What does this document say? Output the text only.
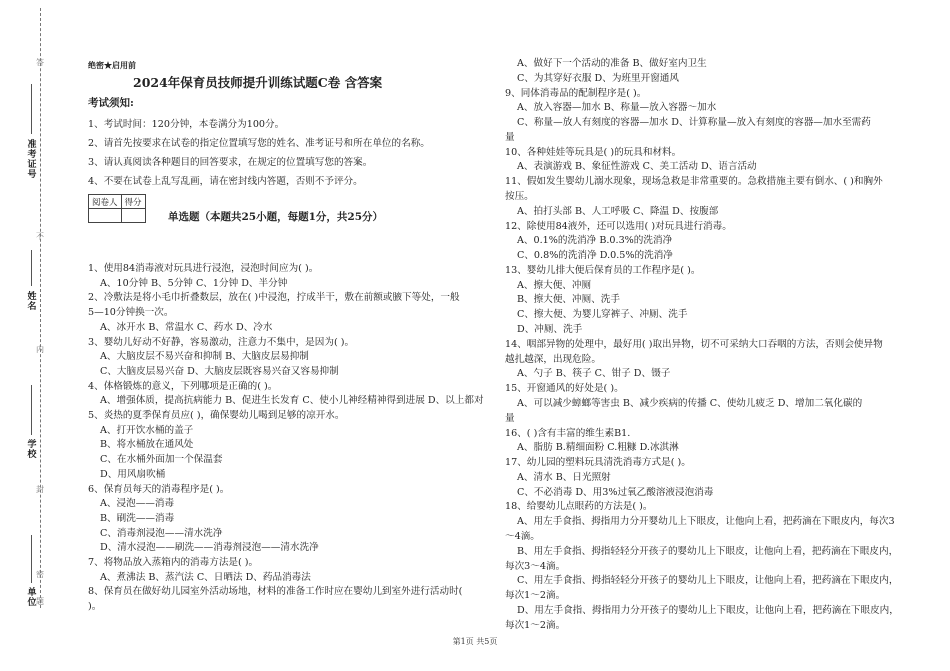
答
不
内
封
密
题
准考证号
姓名
学校
单位
绝密★启用前
2024年保育员技师提升训练试题C卷 含答案
考试须知:
1、考试时间：120分钟，本卷满分为100分。
2、请首先按要求在试卷的指定位置填写您的姓名、准考证号和所在单位的名称。
3、请认真阅读各种题目的回答要求，在规定的位置填写您的答案。
4、不要在试卷上乱写乱画，请在密封线内答题，否则不予评分。
阅卷人	得分

单选题（本题共25小题，每题1分，共25分）
1、使用84消毒液对玩具进行浸泡，浸泡时间应为( )。
A、10分钟 B、5分钟 C、1分钟 D、半分钟
2、冷敷法是将小毛巾折叠数层，放在( )中浸泡，拧成半干，敷在前额或腋下等处，一般
5—10分钟换一次。
A、冰开水 B、常温水 C、药水 D、冷水
3、婴幼儿好动不好静，容易激动，注意力不集中，是因为( )。
A、大脑皮层不易兴奋和抑制 B、大脑皮层易抑制
C、大脑皮层易兴奋 D、大脑皮层既容易兴奋又容易抑制
4、体格锻炼的意义，下列哪项是正确的( )。
A、增强体质，提高抗病能力 B、促进生长发育 C、使小儿神经精神得到进展 D、以上都对
5、炎热的夏季保育员应( )，确保婴幼儿喝到足够的凉开水。
A、打开饮水桶的盖子
B、将水桶放在通风处
C、在水桶外面加一个保温套
D、用风扇吹桶
6、保育员每天的消毒程序是( )。
A、浸泡——消毒
B、刷洗——消毒
C、消毒剂浸泡——清水洗净
D、清水浸泡——刷洗——消毒剂浸泡——清水洗净
7、将物品放入蒸箱内的消毒方法是( )。
A、煮沸法 B、蒸汽法 C、日晒法 D、药品消毒法
8、保育员在做好幼儿园室外活动场地，材料的准备工作时应在婴幼儿到室外进行活动时(
)。
A、做好下一个活动的准备 B、做好室内卫生
C、为其穿好衣服 D、为班里开窗通风
9、同体消毒品的配制程序是( )。
A、放入容器—加水 B、称量—放入容器～加水
C、称量—放人有刻度的容器—加水 D、计算称量—放入有刻度的容器—加水至需药
量
10、各种娃娃等玩具是( )的玩具和材料。
A、表演游戏 B、象征性游戏 C、美工活动 D、语言活动
11、假如发生婴幼儿溺水现象，现场急救是非常重要的。急救措施主要有倒水、( )和胸外
按压。
A、拍打头部 B、人工呼吸 C、降温 D、按腹部
12、除使用84液外，还可以选用( )对玩具进行消毒。
A、0.1%的洗消净 B.0.3%的洗消净
C、0.8%的洗消净 D.0.5%的洗消净
13、婴幼儿排大便后保育员的工作程序是( )。
A、擦大便、冲厕
B、擦大便、冲厕、洗手
C、擦大便、为婴儿穿裤子、冲厕、洗手
D、冲厕、洗手
14、咽部异物的处理中，最好用( )取出异物，切不可采纳大口吞咽的方法，否则会使异物
越扎越深，出现危险。
A、勺子 B、筷子 C、钳子 D、镊子
15、开窗通风的好处是( )。
A、可以减少蟑螂等害虫 B、减少疾病的传播 C、使幼儿疲乏 D、增加二氧化碳的
量
16、( )含有丰富的维生素B1.
A、脂肪 B.精细面粉 C.粗糠 D.冰淇淋
17、幼儿园的塑料玩具清洗消毒方式是( )。
A、清水 B、日光照射
C、不必消毒 D、用3%过氧乙酸溶液浸泡消毒
18、给婴幼儿点眼药的方法是( )。
A、用左手食指、拇指用力分开婴幼儿上下眼皮，让他向上看，把药滴在下眼皮内，每次3
～4滴。
B、用左手食指、拇指轻轻分开孩子的婴幼儿上下眼皮，让他向上看，把药滴在下眼皮内，
每次3～4滴。
C、用左手食指、拇指轻轻分开孩子的婴幼儿上下眼皮，让他向上看，把药滴在下眼皮内，
每次1～2滴。
D、用左手食指、拇指用力分开孩子的婴幼儿上下眼皮，让他向上看，把药滴在下眼皮内，
每次1～2滴。
第1页 共5页
